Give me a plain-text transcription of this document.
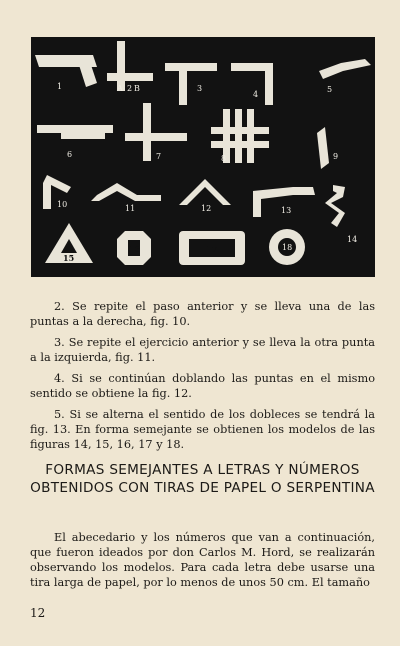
1	A 2 B	3
4
5
6	7	8	9
10	11	12	13
14
15
16	17	18

2. Se repite el paso anterior y se lleva una de las puntas a la derecha, fig. 10.

3. Se repite el ejercicio anterior y se lleva la otra punta a la izquierda, fig. 11.

4. Si se continúan doblando las puntas en el mismo sentido se obtiene la fig. 12.

5. Si se alterna el sentido de los dobleces se tendrá la fig. 13. En forma semejante se obtienen los modelos de las figuras 14, 15, 16, 17 y 18.

FORMAS SEMEJANTES A LETRAS Y NÚMEROS OBTENIDOS CON TIRAS DE PAPEL O SERPENTINA

El abecedario y los números que van a continuación, que fueron ideados por don Carlos M. Hord, se realizarán observando los modelos. Para cada letra debe usarse una tira larga de papel, por lo menos de unos 50 cm. El tamaño

12
